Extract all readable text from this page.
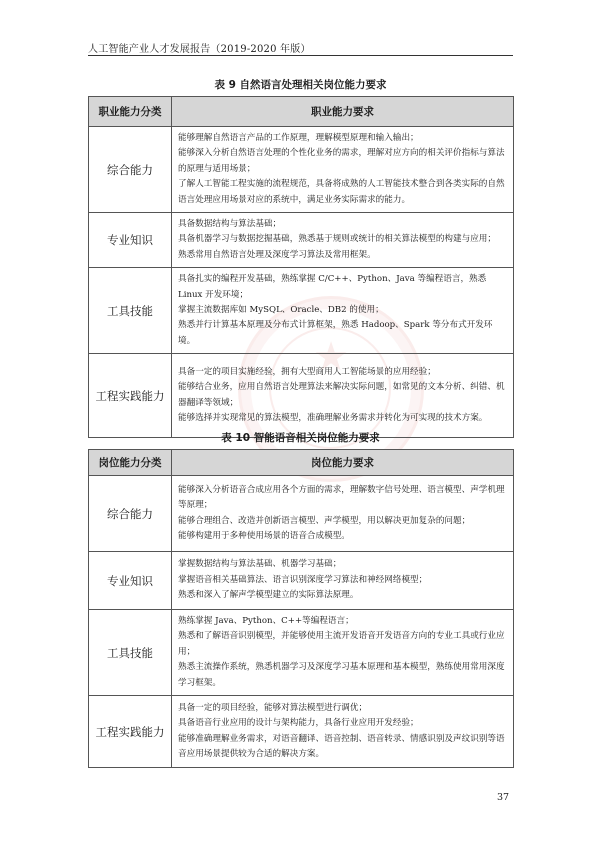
★
人工智能产业人才发展报告（2019-2020 年版）
表 9 自然语言处理相关岗位能力要求
职业能力分类	职业能力要求
综合能力	能够理解自然语言产品的工作原理，理解模型原理和输入输出；
能够深入分析自然语言处理的个性化业务的需求，理解对应方向的相关评价指标与算法的原理与适用场景；
了解人工智能工程实施的流程规范，具备将成熟的人工智能技术整合到各类实际的自然语言处理应用场景对应的系统中，满足业务实际需求的能力。

专业知识	具备数据结构与算法基础；
具备机器学习与数据挖掘基础，熟悉基于规则或统计的相关算法模型的构建与应用；
熟悉常用自然语言处理及深度学习算法及常用框架。

工具技能	具备扎实的编程开发基础，熟练掌握 C/C++、Python、Java 等编程语言，熟悉 Linux 开发环境；
掌握主流数据库如 MySQL、Oracle、DB2 的使用；
熟悉并行计算基本原理及分布式计算框架，熟悉 Hadoop、Spark 等分布式开发环境。

工程实践能力	具备一定的项目实施经验，拥有大型商用人工智能场景的应用经验；
能够结合业务，应用自然语言处理算法来解决实际问题，如常见的文本分析、纠错、机器翻译等领域；
能够选择并实现常见的算法模型，准确理解业务需求并转化为可实现的技术方案。
表 10 智能语音相关岗位能力要求
岗位能力分类	岗位能力要求
综合能力	能够深入分析语音合成应用各个方面的需求，理解数字信号处理、语言模型、声学机理等原理；
能够合理组合、改造并创新语言模型、声学模型，用以解决更加复杂的问题；
能够构建用于多种使用场景的语音合成模型。

专业知识	掌握数据结构与算法基础、机器学习基础；
掌握语音相关基础算法、语言识别深度学习算法和神经网络模型；
熟悉和深入了解声学模型建立的实际算法原理。

工具技能	熟练掌握 Java、Python、C++等编程语言；
熟悉和了解语音识别模型，并能够使用主流开发语音开发语音方向的专业工具或行业应用；
熟悉主流操作系统，熟悉机器学习及深度学习基本原理和基本模型，熟练使用常用深度学习框架。

工程实践能力	具备一定的项目经验，能够对算法模型进行调优；
具备语音行业应用的设计与架构能力，具备行业应用开发经验；
能够准确理解业务需求，对语音翻译、语音控制、语音转录、情感识别及声纹识别等语音应用场景提供较为合适的解决方案。
37
